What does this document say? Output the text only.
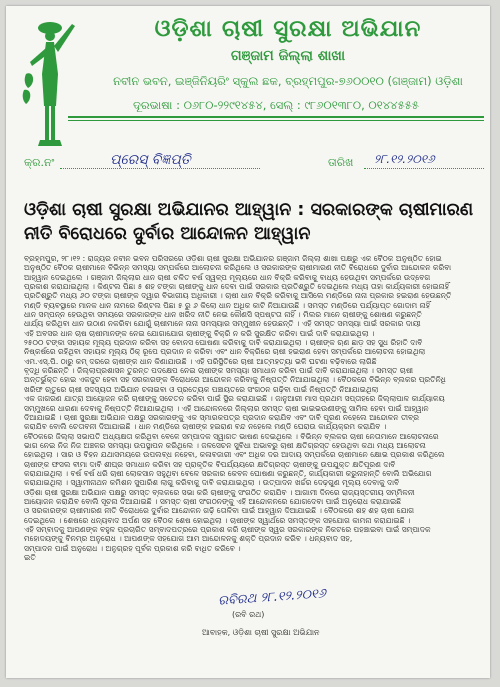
ଓଡ଼ିଶା ଚାଷୀ ସୁରକ୍ଷା ଅଭିଯାନ
ଗଞ୍ଜାମ ଜିଲ୍ଲା ଶାଖା
ନବୀନ ଭବନ, ଇଞ୍ଜିନିୟରିଂ ସ୍କୁଲ ଛକ, ବ୍ରହ୍ମପୁର-୭୬୦୦୧୦ (ଗଞ୍ଜାମ) ଓଡ଼ିଶା
ଦୂରଭାଷା : ୦୬୮୦-୨୨୯୧୪୫୪, ସେଲ୍ : ୯୮୬୦୧୩୮୦, ୦୧୪୪୫୫୫
କ୍ର.ନଂ	ପ୍ରେସ୍ ବିଜ୍ଞପ୍ତି	ତାରିଖ ୨୮.୧୨.୨୦୧୬
ଓଡ଼ିଶା ଚାଷୀ ସୁରକ୍ଷା ଅଭିଯାନର ଆହ୍ୱାନ : ସରକାରଙ୍କ ଚାଷୀମାରଣ ନୀତି ବିରୋଧରେ ଦୁର୍ବାର ଆନ୍ଦୋଳନ ଆହ୍ୱାନ
ବ୍ରହ୍ମପୁର, ୨୮।୧୨ : ରାଜ୍ୟର ନବୀନ ଭବନ ପରିସରରେ ଓଡ଼ିଶା ଚାଷୀ ସୁରକ୍ଷା ଅଭିଯାନର ଗଞ୍ଜାମ ଜିଲ୍ଲା ଶାଖା ପକ୍ଷରୁ ଏକ ବୈଠକ ଅନୁଷ୍ଠିତ ହୋଇ
ଅନୁଷ୍ଠିତ ବୈଠକ ଚାଷୀମାନେ ବିଭିନ୍ନ ସମସ୍ୟା ସମ୍ପର୍କରେ ଆଲୋଚନା କରିଥିଲେ ଓ ସରକାରଙ୍କ ଚାଷୀମାରଣ ନୀତି ବିରୋଧରେ ଦୁର୍ବାର ଆନ୍ଦୋଳନ କରିବା
ଆହ୍ୱାନ ଦେଇଥିଲେ । ଗଞ୍ଜାମ ଜିଲ୍ଲାର ଧାନ ଚାଷୀ ଚଳିତ ବର୍ଷ ସ୍ୱଳ୍ପ ମୂଲ୍ୟରେ ଧାନ ବିକ୍ରି କରିବାକୁ ବାଧ୍ୟ ହେଉଥିବା ସମ୍ପର୍କରେ ଉଦ୍‌ବେଗ
ପ୍ରକାଶ କରାଯାଇଥିଲା । କିଣ୍ଟଲ ପିଛା ୫ ଶହ ଟଙ୍କା ଚାଷୀଙ୍କୁ ଧାନ ଦେବା ପାଇଁ ସରକାର ପ୍ରତିଶ୍ରୁତି ଦେଇଥିଲେ ମଧ୍ୟ ତାହା କାର୍ଯ୍ୟକାରୀ ହୋଇନାହିଁ
ପ୍ରତିଶ୍ରୁତି ମଧ୍ୟ ୬୦ ଟଙ୍କା ଚାଷୀଙ୍କ ଦ୍ୱାର ବିଭାଗୀୟ ଅଧିକାରୀ । ଚାଷୀ ଧାନ ବିକ୍ରି କରିବାକୁ ଆସିଲେ ମଣ୍ଡିରେ ନାନା ପ୍ରକାର ହଇରାଣ ହେଉଛନ୍ତି
ମଣ୍ଡି ବ୍ୟବସ୍ଥାରେ ମାନକ ଧାନ ନାମରେ କିଣ୍ଟଲ ପିଛା ୫ ରୁ ୬ କିଲୋ ଧାନ ଅଧିକ କାଟି ନିଆଯାଉଛି । ସମସ୍ତ ମଣ୍ଡିରେ ପର୍ଯ୍ୟାପ୍ତ ଗୋଦାମ ନାହିଁ
ଧାନ ସମ୍ପନ୍ନ ହେଉଥିବା ସମୟରେ ସରକାରଙ୍କ ଧାନ ଖରିଦ ନୀତି ନେଇ କୌଣସି ସ୍ପଷ୍ଟତା ନାହିଁ । ମିଲର ମାନେ ଚାଷୀଙ୍କୁ ଶୋଷଣ କରୁଛନ୍ତି
ଧାର୍ଯ୍ୟ କରିଥିବା ଧାନ ଉଠାଣ ନକରିବା ଯୋଗୁଁ ଚାଷୀମାନେ ନାନା ସମସ୍ୟାର ସମ୍ମୁଖୀନ ହେଉଛନ୍ତି । ଏହି ସମସ୍ତ ସମସ୍ୟା ପାଇଁ ସରକାର ଦାୟୀ
ଏହି ଅବସର ଧାନ ଚାଷ ଚାଷୀମାନଙ୍କ ନେଇ ଯୋଗାଯୋଗ ଚାଷୀଙ୍କୁ ବିକ୍ରି ନ କରି ସୁରକ୍ଷିତ କରିବା ପାଇଁ ଦାବି କରାଯାଇଥିଲା ।
୨୫୦୦ ଟଙ୍କା ସହାୟକ ମୂଲ୍ୟ ପ୍ରଦାନ କରିବା ସହ ବୋନସ ଘୋଷଣା କରିବାକୁ ଦାବି କରାଯାଇଥିଲା । ଚାଷୀଙ୍କ ଋଣ ଛାଡ଼ ସହ ସୁଧ ରିହାତି ଦାବି
ନିଷ୍କର୍ଷରେ ରହିଥିବା ସହାୟକ ମୂଲ୍ୟ ଠିକ୍ ରୂପେ ପ୍ରଦାନ ନ କରିବା ଏବଂ ଧାନ ବିକ୍ରିରେ ଚାଷୀ ହଇରାଣ ହେବା ସମ୍ପର୍କରେ ଆଲୋଚନା ହୋଇଥିଲା
ଏମ.ଏସ୍.ପି. ଠାରୁ କମ୍ ଦରରେ ଚାଷୀଙ୍କ ଧାନ କିଣାଯାଉଛି । ଏହି ପରିସ୍ଥିତିରେ ଚାଷୀ ଆତ୍ମହତ୍ୟା ଭଳି ଘଟଣା ବଢ଼ିବାରେ ଲାଗିଛି
ବୃଦ୍ଧି କରିଛନ୍ତି । ଜିଲ୍ଲାପ୍ରଶାସନ ତୁରନ୍ତ ପଦକ୍ଷେପ ନେଇ ଚାଷୀଙ୍କ ସମସ୍ୟା ସମାଧାନ କରିବା ପାଇଁ ଦାବି କରାଯାଇଥିଲା । ସମସ୍ତ ଚାଷୀ
ଅନ୍ତର୍ଭୁକ୍ତ ହୋଇ ଏକଜୁଟ ହେବା ସହ ସରକାରଙ୍କ ବିରୋଧରେ ଆନ୍ଦୋଳନ କରିବାକୁ ନିଷ୍ପତ୍ତି ନିଆଯାଇଥିଲା । ବୈଠକରେ ବିଭିନ୍ନ ବ୍ଲକର ପ୍ରତିନିଧି
ଖରିଫ ଋତୁରେ ଚାଷୀ ସଦସ୍ୟତା ଅଭିଯାନ ଚଳାଇବା ଓ ପ୍ରତ୍ୟେକ ପଞ୍ଚାୟତରେ ସଂଗଠନ ଗଢ଼ିବା ପାଇଁ ନିଷ୍ପତ୍ତି ନିଆଯାଇଥିଲା
ଏକ ଜାଗରଣ ଯାତ୍ରା ଆୟୋଜନ କରି ଚାଷୀଙ୍କୁ ସଚେତନ କରିବା ପାଇଁ ସ୍ଥିର କରାଯାଇଛି । ଜାନୁଆରୀ ମାସ ପ୍ରଥମ ସପ୍ତାହରେ ଜିଲ୍ଲାପାଳ କାର୍ଯ୍ୟାଳୟ
ସମ୍ମୁଖରେ ଧାରଣା ଦେବାକୁ ନିଷ୍ପତ୍ତି ନିଆଯାଇଥିଲା । ଏହି ଆନ୍ଦୋଳନରେ ଜିଲ୍ଲାର ସମସ୍ତ ଚାଷୀ ଭାଇଭଉଣୀଙ୍କୁ ସାମିଲ ହେବା ପାଇଁ ଆହ୍ୱାନ
ଦିଆଯାଇଛି । ଚାଷୀ ସୁରକ୍ଷା ଅଭିଯାନ ପକ୍ଷରୁ ସରକାରଙ୍କୁ ଏକ ସ୍ମାରକପତ୍ର ପ୍ରଦାନ କରାଯିବ ଏବଂ ଦାବି ପୂରଣ ନହେଲେ ଆନ୍ଦୋଳନ ତୀବ୍ର
କରାଯିବ ବୋଲି ଚେତାବନୀ ଦିଆଯାଇଛି । ଧାନ ମଣ୍ଡିରେ ଚାଷୀଙ୍କ ହଇରାଣ ବନ୍ଦ ନହେଲେ ମଣ୍ଡି ଘେରାଉ କାର୍ଯ୍ୟକ୍ରମ କରାଯିବ ।
ବୈଠକରେ ଜିଲ୍ଲା ସଭାପତି ଅଧ୍ୟକ୍ଷତା କରିଥିବା ବେଳେ ସମ୍ପାଦକ ସ୍ୱାଗତ ଭାଷଣ ଦେଇଥିଲେ । ବିଭିନ୍ନ ବ୍ଲକର ଚାଷୀ ନେତାମାନେ ଆଲୋଚନାରେ
ଭାଗ ନେଇ ନିଜ ନିଜ ଅଞ୍ଚଳର ସମସ୍ୟା ଉପସ୍ଥାପନ କରିଥିଲେ । ଜଳସେଚନ ସୁବିଧା ଅଭାବରୁ ଚାଷୀ କ୍ଷତିଗ୍ରସ୍ତ ହେଉଥିବା କଥା ମଧ୍ୟ ଆଲୋଚନା
ହୋଇଥିଲା । ସାର ଓ ବିହନ ଯଥାସମୟରେ ଉପଲବ୍ଧ ନହେବା, କଳାବଜାରୀ ଏବଂ ଅଧିକ ଦର ଆଦାୟ ସମ୍ପର୍କରେ ଚାଷୀମାନେ କ୍ଷୋଭ ପ୍ରକାଶ କରିଥିଲେ
ଚାଷୀଙ୍କ ଫସଲ ବୀମା ଦାବି ଶୀଘ୍ର ସମାଧାନ କରିବା ସହ ପ୍ରାକୃତିକ ବିପର୍ଯ୍ୟୟରେ କ୍ଷତିଗ୍ରସ୍ତ ଚାଷୀଙ୍କୁ ଉପଯୁକ୍ତ କ୍ଷତିପୂରଣ ଦାବି
କରାଯାଇଥିଲା । ବର୍ଷ ବର୍ଷ ଧରି ଚାଷୀ ଲୋକସାନ ସହୁଥିବା ବେଳେ ସରକାର କେବଳ ଘୋଷଣା କରୁଛନ୍ତି, କାର୍ଯ୍ୟକାରୀ କରୁନାହାନ୍ତି ବୋଲି ଅଭିଯୋଗ
କରାଯାଇଥିଲା । ସ୍ୱାମୀନାଥନ କମିଶନ ସୁପାରିଶ ଲାଗୁ କରିବାକୁ ଦାବି କରାଯାଇଥିଲା । ଉତ୍ପାଦନ ଖର୍ଚ୍ଚର ଦେଢ଼ଗୁଣ ମୂଲ୍ୟ ଦେବାକୁ ଦାବି
ଓଡ଼ିଶା ଚାଷୀ ସୁରକ୍ଷା ଅଭିଯାନ ପକ୍ଷରୁ ସମସ୍ତ ବ୍ଲକରେ ସଭା କରି ଚାଷୀଙ୍କୁ ସଂଗଠିତ କରାଯିବ । ଆଗାମୀ ଦିନରେ ରାଜ୍ୟସ୍ତରୀୟ ସମ୍ମିଳନୀ
ଆୟୋଜନ କରାଯିବ ବୋଲି ସୂଚନା ଦିଆଯାଇଛି । ସମସ୍ତ ଚାଷୀ ସଂଗଠନଙ୍କୁ ଏହି ଆନ୍ଦୋଳନରେ ଯୋଗଦେବା ପାଇଁ ଅନୁରୋଧ କରାଯାଇଛି
ଓ ସରକାରଙ୍କ ଚାଷୀମାରଣ ନୀତି ବିରୋଧରେ ଦୁର୍ବାର ଆନ୍ଦୋଳନ ଗଢ଼ି ତୋଳିବା ପାଇଁ ଆହ୍ୱାନ ଦିଆଯାଇଛି । ବୈଠକରେ ଶହ ଶହ ଚାଷୀ ଯୋଗ
ଦେଇଥିଲେ । ଶେଷରେ ଧନ୍ୟବାଦ ଅର୍ପଣ ସହ ବୈଠକ ଶେଷ ହୋଇଥିଲା । ଚାଷୀଙ୍କ ସ୍ୱାର୍ଥରେ ସମସ୍ତଙ୍କ ସହଯୋଗ କାମନା କରାଯାଇଛି ।
ଏହି ସମ୍ବାଦକୁ ଆପଣଙ୍କ ବହୁଳ ପ୍ରଚାରିତ ସମ୍ବାଦପତ୍ରରେ ପ୍ରକାଶ କରି ଚାଷୀଙ୍କ ସ୍ୱର ସରକାରଙ୍କ ନିକଟରେ ପହଞ୍ଚାଇବା ପାଇଁ ସମ୍ପାଦକ
ମହୋଦୟଙ୍କୁ ବିନମ୍ର ଅନୁରୋଧ । ଆପଣଙ୍କ ସହଯୋଗ ଆମ ଆନ୍ଦୋଳନକୁ ଶକ୍ତି ପ୍ରଦାନ କରିବ । ଧନ୍ୟବାଦ ସହ,
ସମ୍ପାଦନ ପାଇଁ ଅନୁରୋଧ । ଅନୁଗ୍ରହ ପୂର୍ବକ ପ୍ରକାଶ କରି ବାଧିତ କରିବେ ।
ଇତି
ରବିରଥ ୨୮.୧୨.୨୦୧୬
(ରବି ରଥ)
ଆବାହକ, ଓଡ଼ିଶା ଚାଷୀ ସୁରକ୍ଷା ଅଭିଯାନ
